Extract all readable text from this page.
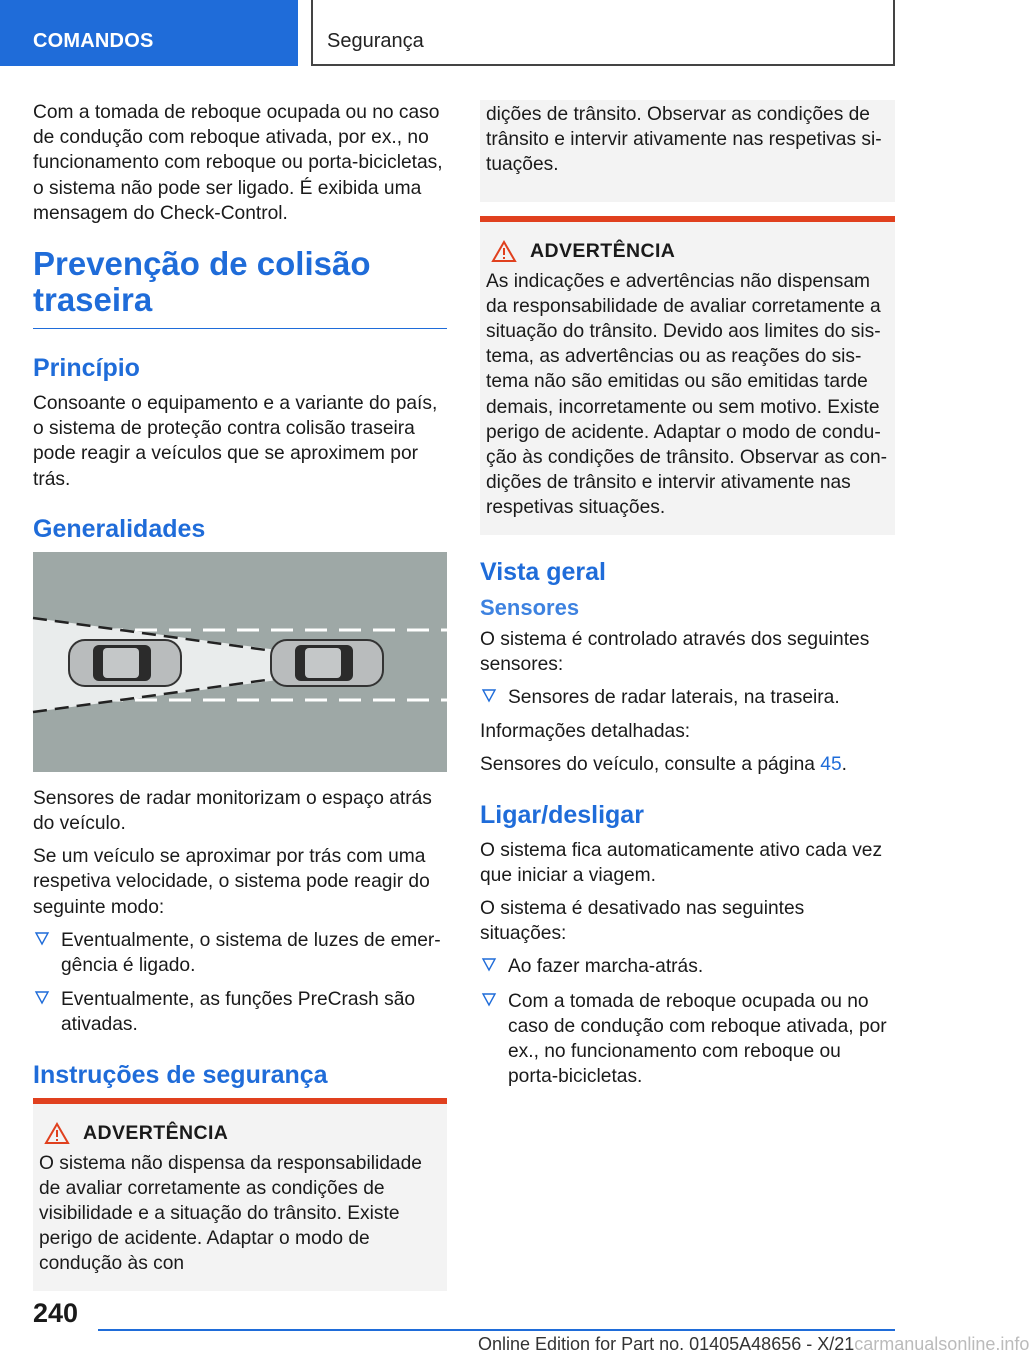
COMANDOS	Segurança

Com a tomada de reboque ocupada ou no caso de condução com reboque ativada, por ex., no funcionamento com reboque ou porta-bicicletas, o sistema não pode ser ligado. É exibida uma mensagem do Check-Control.

Prevenção de colisão traseira
Princípio

Consoante o equipamento e a variante do país, o sistema de proteção contra colisão traseira pode reagir a veículos que se aproximem por trás.

Generalidades

Sensores de radar monitorizam o espaço atrás do veículo.

Se um veículo se aproximar por trás com uma respetiva velocidade, o sistema pode reagir do seguinte modo:

Eventualmente, o sistema de luzes de emergência é ligado.
Eventualmente, as funções PreCrash são ativadas.
Instruções de segurança
ADVERTÊNCIA

O sistema não dispensa da responsabilidade de avaliar corretamente as condições de visibilidade e a situação do trânsito. Existe perigo de acidente. Adaptar o modo de condução às con

dições de trânsito. Observar as condições de trânsito e intervir ativamente nas respetivas situações.

ADVERTÊNCIA

As indicações e advertências não dispensam da responsabilidade de avaliar corretamente a situação do trânsito. Devido aos limites do sistema, as advertências ou as reações do sistema não são emitidas ou são emitidas tarde demais, incorretamente ou sem motivo. Existe perigo de acidente. Adaptar o modo de condução às condições de trânsito. Observar as condições de trânsito e intervir ativamente nas respetivas situações.

Vista geral
Sensores

O sistema é controlado através dos seguintes sensores:

Sensores de radar laterais, na traseira.

Informações detalhadas:

Sensores do veículo, consulte a página 45.

Ligar/desligar

O sistema fica automaticamente ativo cada vez que iniciar a viagem.

O sistema é desativado nas seguintes situações:

Ao fazer marcha-atrás.
Com a tomada de reboque ocupada ou no caso de condução com reboque ativada, por ex., no funcionamento com reboque ou porta-bicicletas.
240
Online Edition for Part no. 01405A48656 - X/21carmanualsonline.info
